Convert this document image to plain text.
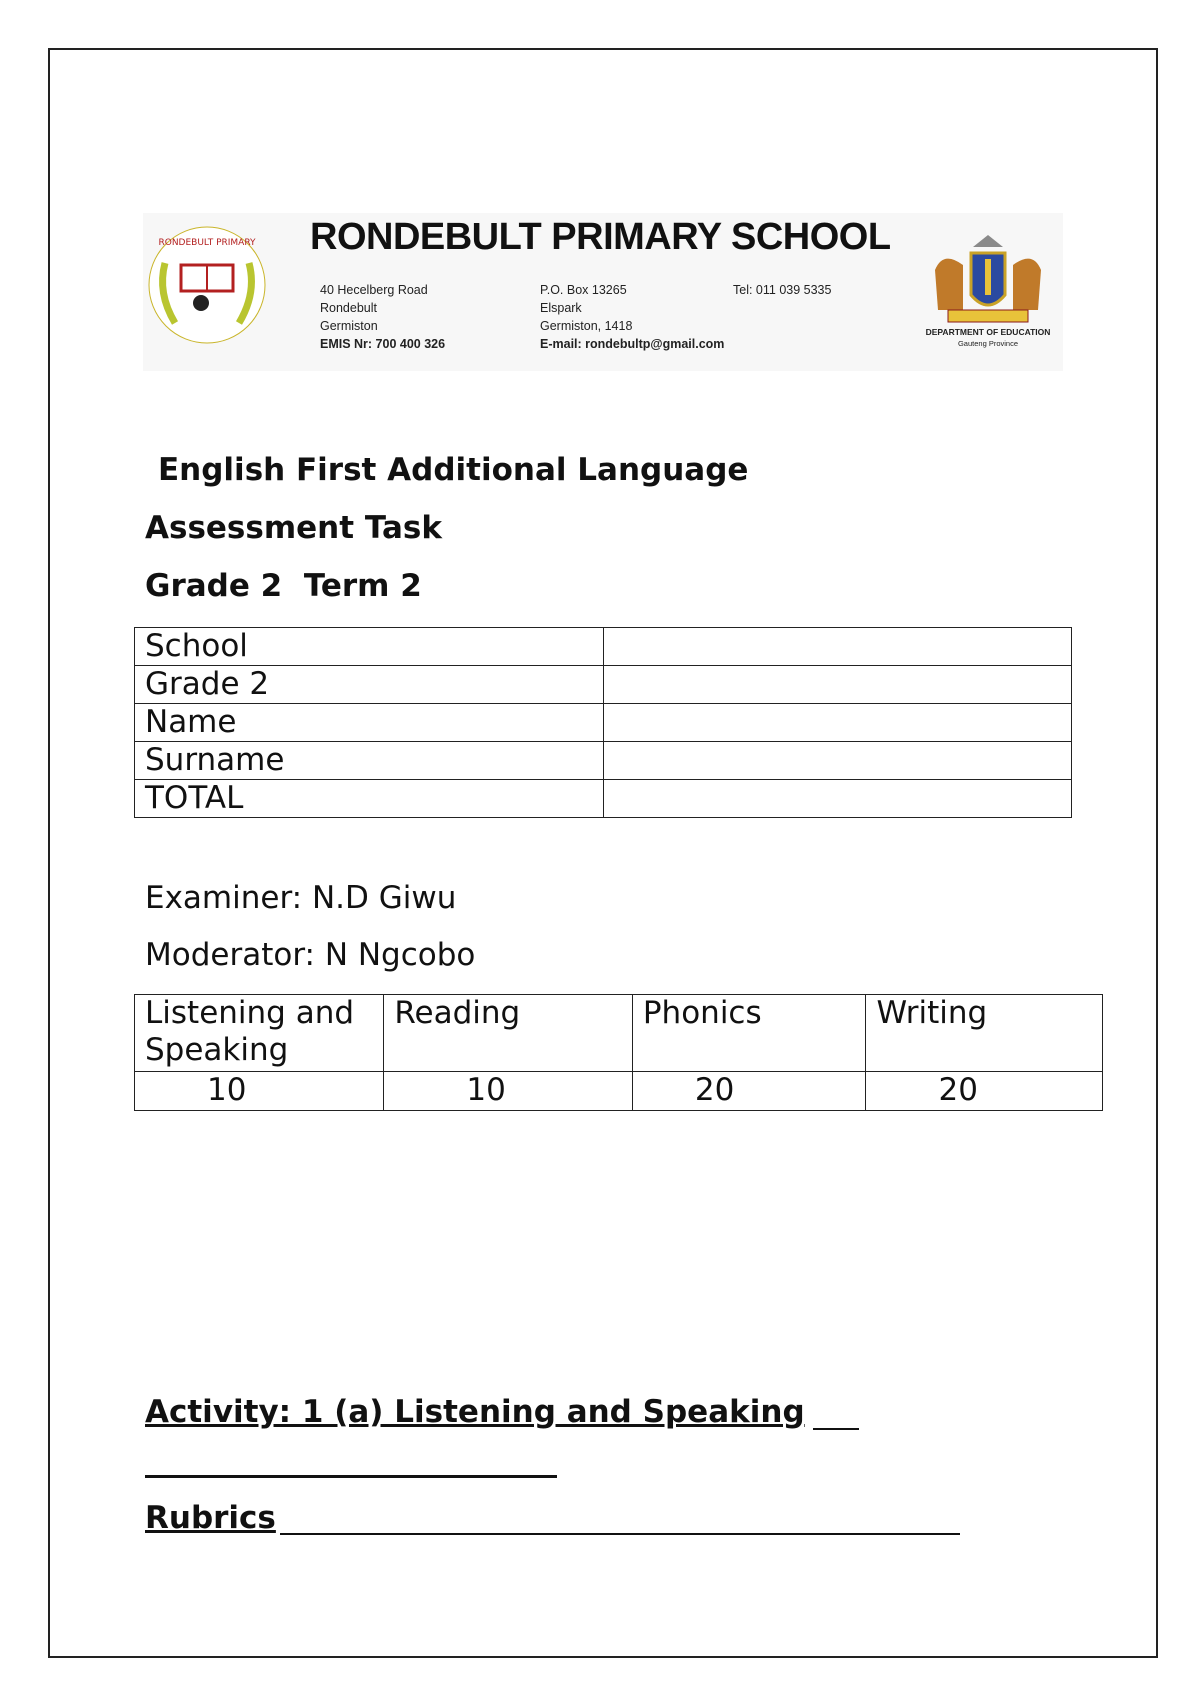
RONDEBULT PRIMARY RONDEBULT PRIMARY SCHOOL
40 Hecelberg Road
Rondebult
Germiston
EMIS Nr: 700 400 326
P.O. Box 13265
Elspark
Germiston, 1418
E-mail: rondebultp@gmail.com
Tel: 011 039 5335
DEPARTMENT OF EDUCATION
Gauteng Province
English First Additional Language
Assessment Task
Grade 2  Term 2
School	
Grade 2	
Name	
Surname	
TOTAL	
Examiner: N.D Giwu
Moderator: N Ngcobo
Listening and Speaking	Reading	Phonics	Writing
10	10	20	20
Activity: 1 (a) Listening and Speaking
Rubrics
